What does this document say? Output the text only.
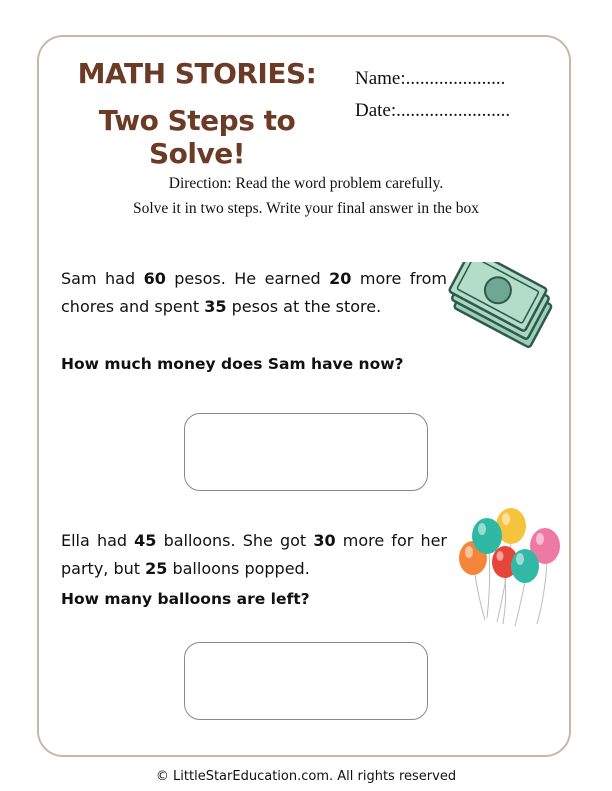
MATH STORIES:
Two Steps to Solve!
Name:.....................
Date:........................
Direction: Read the word problem carefully.
Solve it in two steps. Write your final answer in the box
Sam had 60 pesos. He earned 20 more from chores and spent 35 pesos at the store.
How much money does Sam have now?
Ella had 45 balloons. She got 30 more for her party, but 25 balloons popped.
How many balloons are left?
© LittleStarEducation.com. All rights reserved
